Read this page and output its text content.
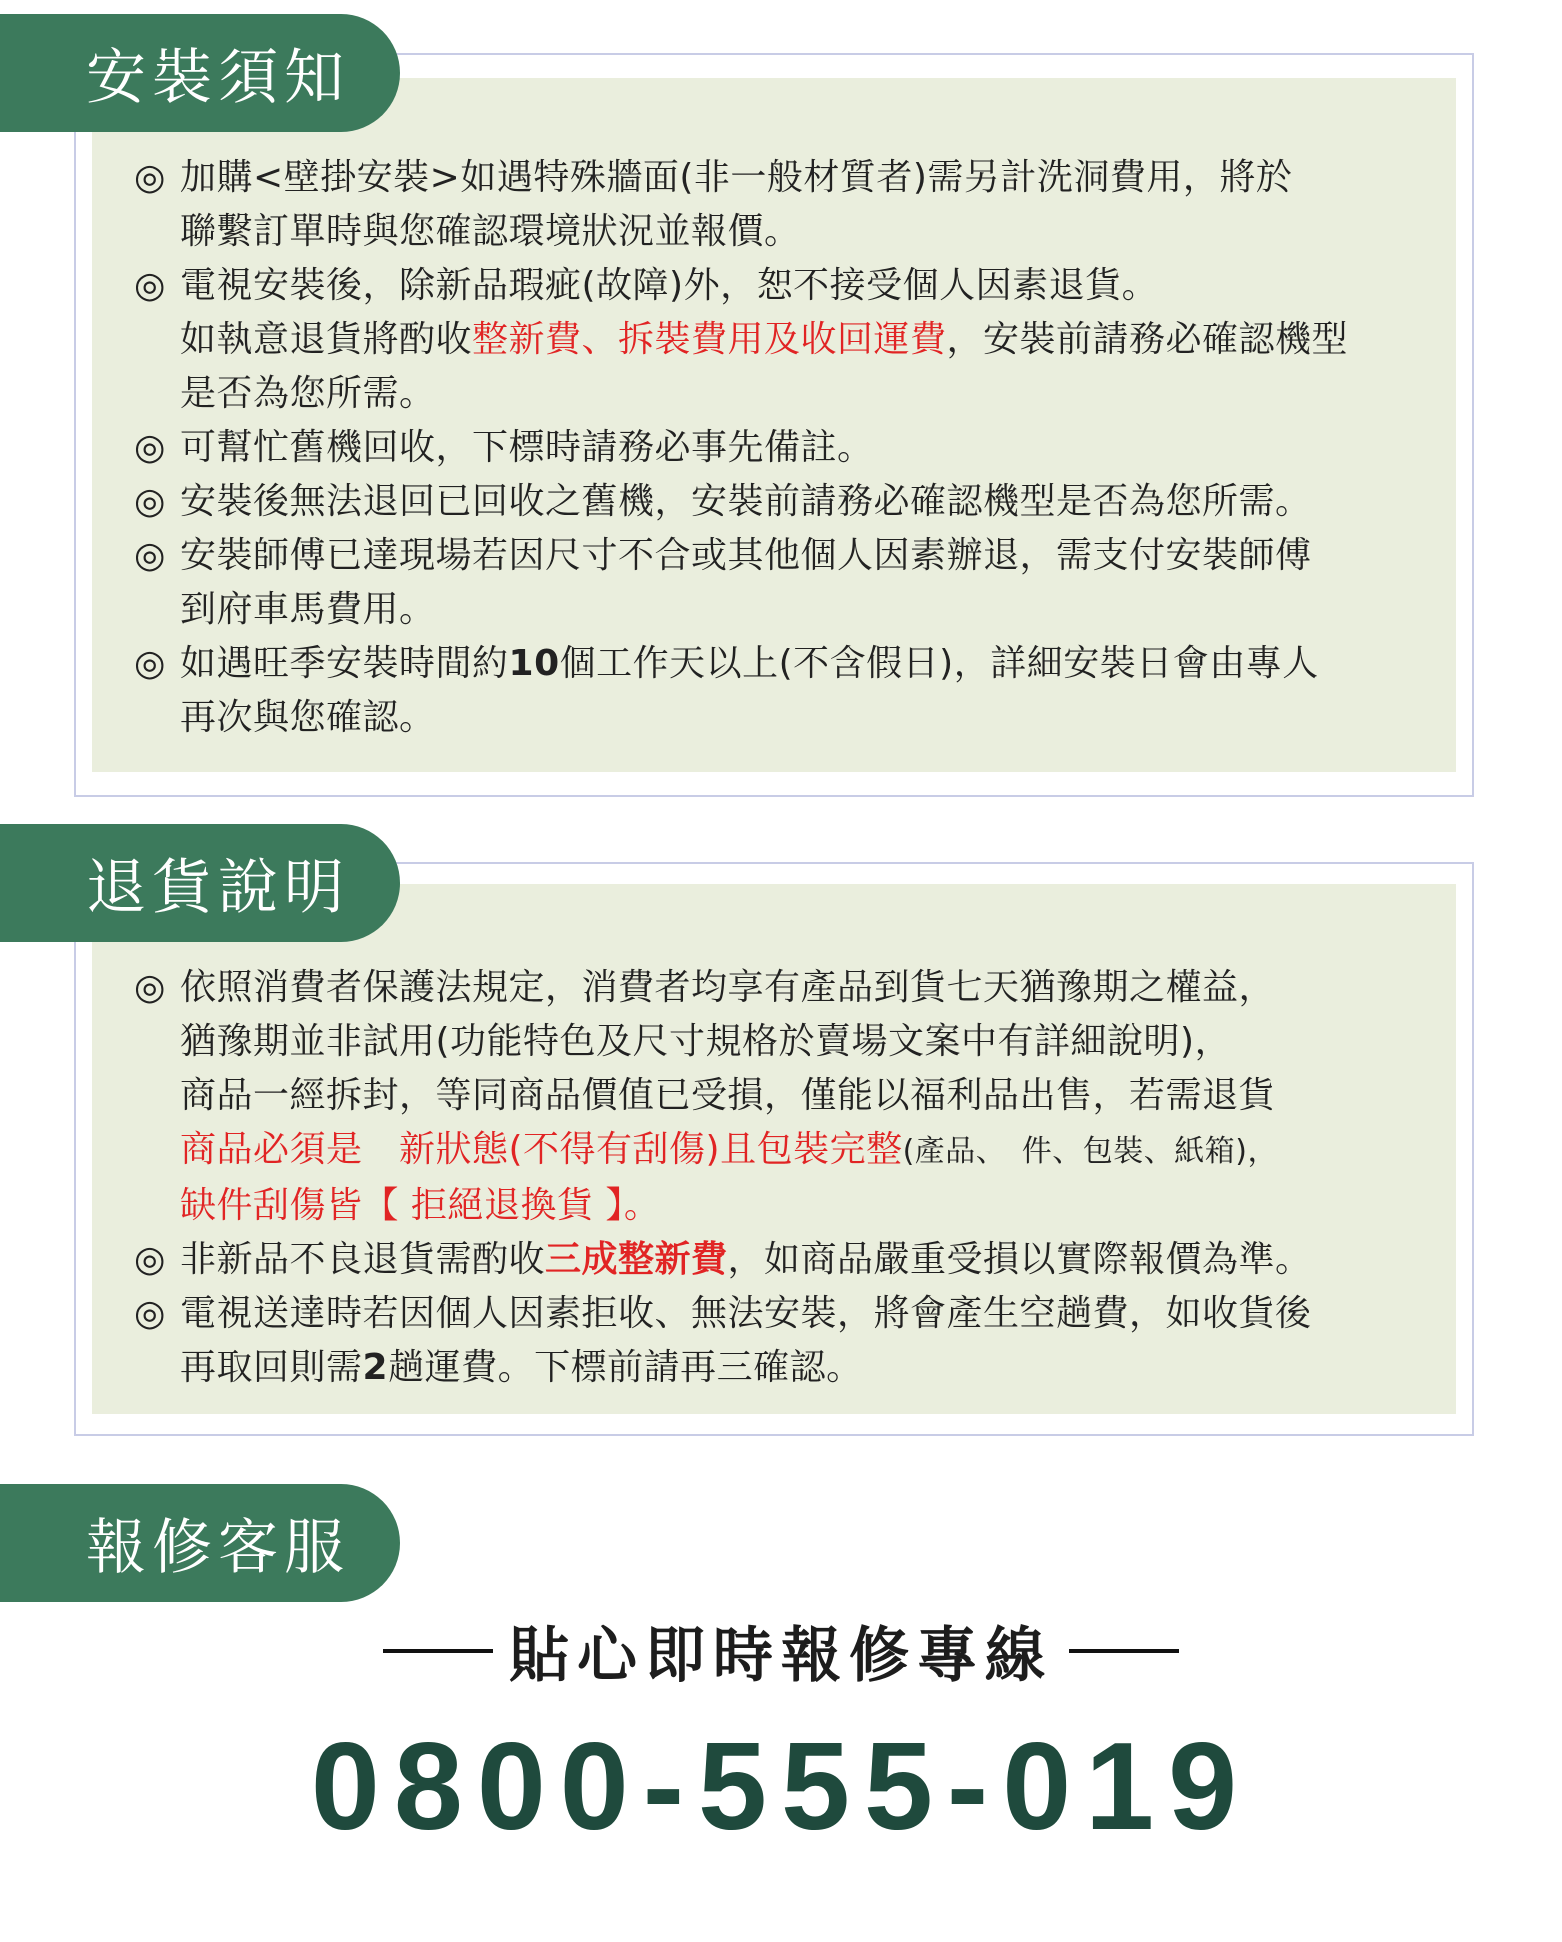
安裝須知
◎ 加購<壁掛安裝>如遇特殊牆面(非一般材質者)需另計洗洞費用，將於
聯繫訂單時與您確認環境狀況並報價。
◎ 電視安裝後，除新品瑕疵(故障)外，恕不接受個人因素退貨。
如執意退貨將酌收整新費、拆裝費用及收回運費，安裝前請務必確認機型
是否為您所需。
◎ 可幫忙舊機回收，下標時請務必事先備註。
◎ 安裝後無法退回已回收之舊機，安裝前請務必確認機型是否為您所需。
◎ 安裝師傅已達現場若因尺寸不合或其他個人因素辦退，需支付安裝師傅
到府車馬費用。
◎ 如遇旺季安裝時間約10個工作天以上(不含假日)，詳細安裝日會由專人
再次與您確認。
退貨說明
◎ 依照消費者保護法規定，消費者均享有產品到貨七天猶豫期之權益，
猶豫期並非試用(功能特色及尺寸規格於賣場文案中有詳細說明)，
商品一經拆封，等同商品價值已受損，僅能以福利品出售，若需退貨
商品必須是　新狀態(不得有刮傷)且包裝完整(產品、　件、包裝、紙箱)，
缺件刮傷皆【 拒絕退換貨 】。
◎ 非新品不良退貨需酌收三成整新費，如商品嚴重受損以實際報價為準。
◎ 電視送達時若因個人因素拒收、無法安裝，將會產生空趟費，如收貨後
再取回則需2趟運費。下標前請再三確認。
報修客服
貼心即時報修專線
0800-555-019
